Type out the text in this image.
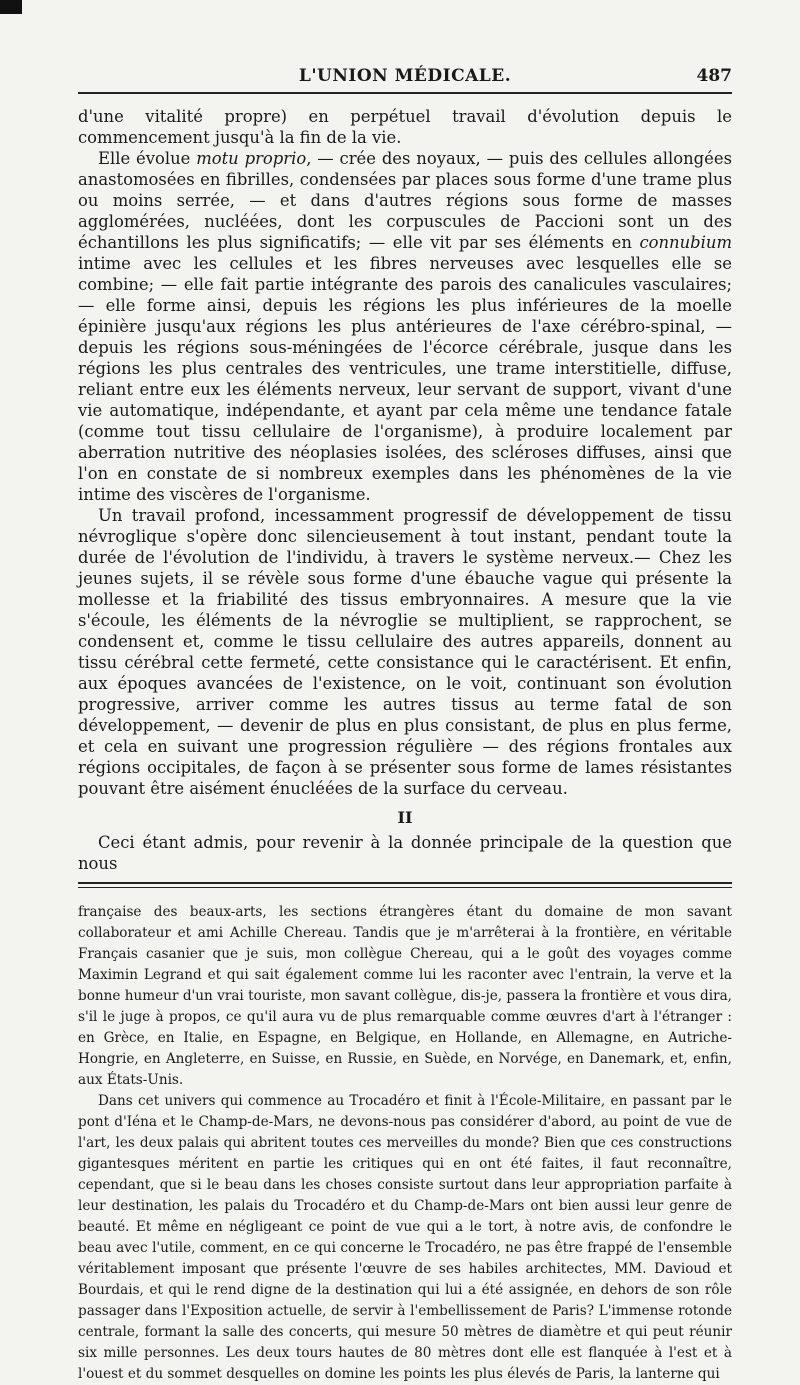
L'UNION MÉDICALE.	487

d'une vitalité propre) en perpétuel travail d'évolution depuis le commencement jusqu'à la fin de la vie.

Elle évolue motu proprio, — crée des noyaux, — puis des cellules allongées anastomosées en fibrilles, condensées par places sous forme d'une trame plus ou moins serrée, — et dans d'autres régions sous forme de masses agglomérées, nucléées, dont les corpuscules de Paccioni sont un des échantillons les plus significatifs; — elle vit par ses éléments en connubium intime avec les cellules et les fibres nerveuses avec lesquelles elle se combine; — elle fait partie intégrante des parois des canalicules vasculaires; — elle forme ainsi, depuis les régions les plus inférieures de la moelle épinière jusqu'aux régions les plus antérieures de l'axe cérébro-spinal, — depuis les régions sous-méningées de l'écorce cérébrale, jusque dans les régions les plus centrales des ventricules, une trame interstitielle, diffuse, reliant entre eux les éléments nerveux, leur servant de support, vivant d'une vie automatique, indépendante, et ayant par cela même une tendance fatale (comme tout tissu cellulaire de l'organisme), à produire localement par aberration nutritive des néoplasies isolées, des scléroses diffuses, ainsi que l'on en constate de si nombreux exemples dans les phénomènes de la vie intime des viscères de l'organisme.

Un travail profond, incessamment progressif de développement de tissu névroglique s'opère donc silencieusement à tout instant, pendant toute la durée de l'évolution de l'individu, à travers le système nerveux.— Chez les jeunes sujets, il se révèle sous forme d'une ébauche vague qui présente la mollesse et la friabilité des tissus embryonnaires. A mesure que la vie s'écoule, les éléments de la névroglie se multiplient, se rapprochent, se condensent et, comme le tissu cellulaire des autres appareils, donnent au tissu cérébral cette fermeté, cette consistance qui le caractérisent. Et enfin, aux époques avancées de l'existence, on le voit, continuant son évolution progressive, arriver comme les autres tissus au terme fatal de son développement, — devenir de plus en plus consistant, de plus en plus ferme, et cela en suivant une progression régulière — des régions frontales aux régions occipitales, de façon à se présenter sous forme de lames résistantes pouvant être aisément énucléées de la surface du cerveau.

II

Ceci étant admis, pour revenir à la donnée principale de la question que nous

française des beaux-arts, les sections étrangères étant du domaine de mon savant collaborateur et ami Achille Chereau. Tandis que je m'arrêterai à la frontière, en véritable Français casanier que je suis, mon collègue Chereau, qui a le goût des voyages comme Maximin Legrand et qui sait également comme lui les raconter avec l'entrain, la verve et la bonne humeur d'un vrai touriste, mon savant collègue, dis-je, passera la frontière et vous dira, s'il le juge à propos, ce qu'il aura vu de plus remarquable comme œuvres d'art à l'étranger : en Grèce, en Italie, en Espagne, en Belgique, en Hollande, en Allemagne, en Autriche-Hongrie, en Angleterre, en Suisse, en Russie, en Suède, en Norvége, en Danemark, et, enfin, aux États-Unis.

Dans cet univers qui commence au Trocadéro et finit à l'École-Militaire, en passant par le pont d'Iéna et le Champ-de-Mars, ne devons-nous pas considérer d'abord, au point de vue de l'art, les deux palais qui abritent toutes ces merveilles du monde? Bien que ces constructions gigantesques méritent en partie les critiques qui en ont été faites, il faut reconnaître, cependant, que si le beau dans les choses consiste surtout dans leur appropriation parfaite à leur destination, les palais du Trocadéro et du Champ-de-Mars ont bien aussi leur genre de beauté. Et même en négligeant ce point de vue qui a le tort, à notre avis, de confondre le beau avec l'utile, comment, en ce qui concerne le Trocadéro, ne pas être frappé de l'ensemble véritablement imposant que présente l'œuvre de ses habiles architectes, MM. Davioud et Bourdais, et qui le rend digne de la destination qui lui a été assignée, en dehors de son rôle passager dans l'Exposition actuelle, de servir à l'embellissement de Paris? L'immense rotonde centrale, formant la salle des concerts, qui mesure 50 mètres de diamètre et qui peut réunir six mille personnes. Les deux tours hautes de 80 mètres dont elle est flanquée à l'est et à l'ouest et du sommet desquelles on domine les points les plus élevés de Paris, la lanterne qui
